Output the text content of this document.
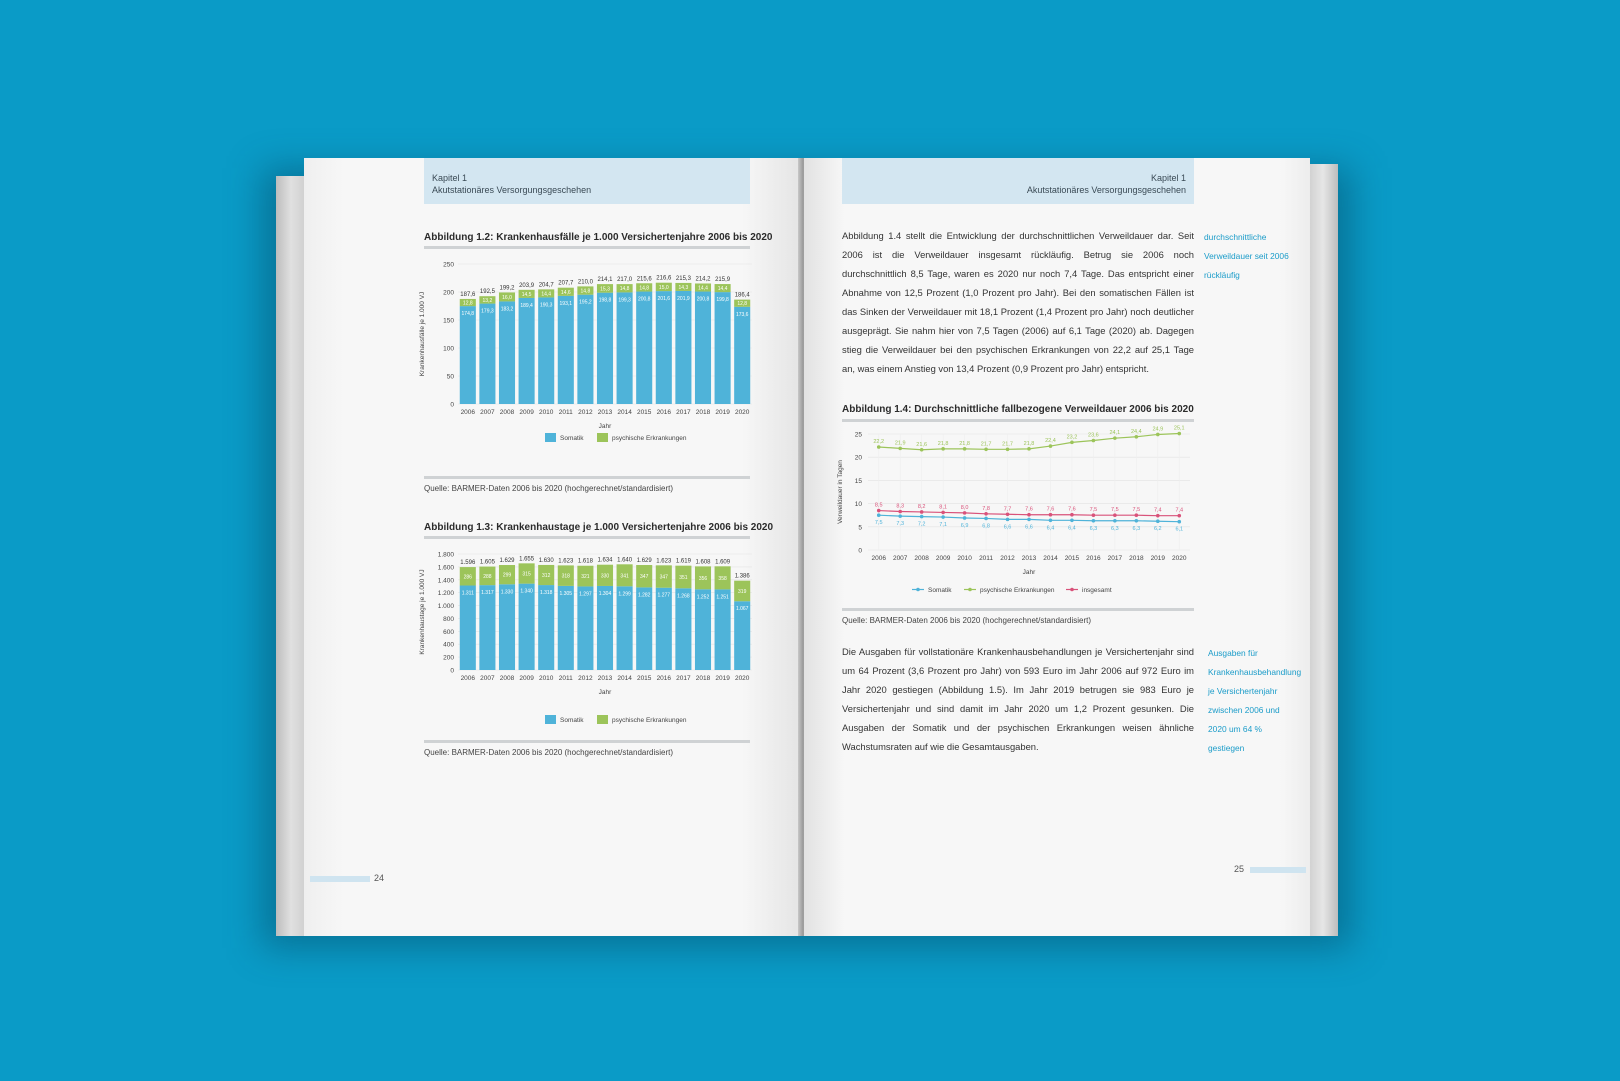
Kapitel 1
Akutstationäres Versorgungsgeschehen
Abbildung 1.2: Krankenhausfälle je 1.000 Versichertenjahre 2006 bis 2020
0
50
100
150
200
250
Krankenhausfälle je 1.000 VJ	187,6
12,8
174,8
2006
192,5
13,2
179,3
2007
199,2
16,0
183,2
2008
203,9
14,5
189,4
2009
204,7
14,4
190,3
2010
207,7
14,6
193,1
2011
210,0
14,8
195,2
2012
214,1
15,3
198,8
2013
217,0
14,8
199,3
2014
215,6
14,8
200,8
2015
216,6
15,0
201,6
2016
215,3
14,3
201,9
2017
214,2
14,4
200,8
2018
215,9
14,4
199,8
2019
186,4
12,8
173,6
2020
Jahr
Somatik	psychische Erkrankungen
Quelle: BARMER-Daten 2006 bis 2020 (hochgerechnet/standardisiert)
Abbildung 1.3: Krankenhaustage je 1.000 Versichertenjahre 2006 bis 2020
0
200
400
600
800
1.000
1.200
1.400
1.600
1.800
Krankenhaustage je 1.000 VJ
1.596
286
1.311
2006
1.605
288
1.317
2007
1.629
299
1.330
2008
1.655
315
1.340
2009
1.630
312
1.318
2010
1.623
318
1.305
2011
1.618
321
1.297
2012
1.634
330
1.304
2013
1.640
341
1.299
2014
1.629
347
1.282
2015
1.623
347
1.277
2016
1.619
351
1.268
2017
1.608
356
1.252
2018
1.609
358
1.251
2019
1.386
319
1.067
2020
Jahr
Somatik	psychische Erkrankungen
Quelle: BARMER-Daten 2006 bis 2020 (hochgerechnet/standardisiert)
24
Kapitel 1
Akutstationäres Versorgungsgeschehen
Abbildung 1.4 stellt die Entwicklung der durchschnittlichen Verweildauer dar. Seit 2006 ist die Verweildauer insgesamt rückläufig. Betrug sie 2006 noch durchschnittlich 8,5 Tage, waren es 2020 nur noch 7,4 Tage. Das entspricht einer Abnahme von 12,5 Prozent (1,0 Prozent pro Jahr). Bei den somatischen Fällen ist das Sinken der Verweildauer mit 18,1 Prozent (1,4 Prozent pro Jahr) noch deutlicher ausgeprägt. Sie nahm hier von 7,5 Tagen (2006) auf 6,1 Tage (2020) ab. Dagegen stieg die Verweildauer bei den psychischen Erkrankungen von 22,2 auf 25,1 Tage an, was einem Anstieg von 13,4 Prozent (0,9 Prozent pro Jahr) entspricht.
durchschnittliche Verweildauer seit 2006 rückläufig
Abbildung 1.4: Durchschnittliche fallbezogene Verweildauer 2006 bis 2020
0
5
10
15
20
25
2006 2007 2008 2009 2010 2011 2012 2013 2014 2015 2016 2017 2018 2019 2020
Verweildauer in Tagen
Jahr
7,5	7,3	7,2	7,1	6,9	6,8	6,6	6,6	6,4	6,4	6,3	6,3	6,3	6,2	6,1
22,2 21,9 21,6 21,8 21,8 21,7 21,7 21,8 22,4
23,2 23,6 24,1 24,4 24,9 25,1
8,5	8,3	8,2	8,1	8,0	7,8	7,7	7,6	7,6	7,6	7,5	7,5	7,5	7,4	7,4
Somatik	psychische Erkrankungen	insgesamt
Quelle: BARMER-Daten 2006 bis 2020 (hochgerechnet/standardisiert)
Die Ausgaben für vollstationäre Krankenhausbehandlungen je Versichertenjahr sind um 64 Prozent (3,6 Prozent pro Jahr) von 593 Euro im Jahr 2006 auf 972 Euro im Jahr 2020 gestiegen (Abbildung 1.5). Im Jahr 2019 betrugen sie 983 Euro je Versichertenjahr und sind damit im Jahr 2020 um 1,2 Prozent gesunken. Die Ausgaben der Somatik und der psychischen Erkrankungen weisen ähnliche Wachstumsraten auf wie die Gesamtausgaben.
Ausgaben für Krankenhausbehandlung je Versichertenjahr zwischen 2006 und 2020 um 64 % gestiegen
25
